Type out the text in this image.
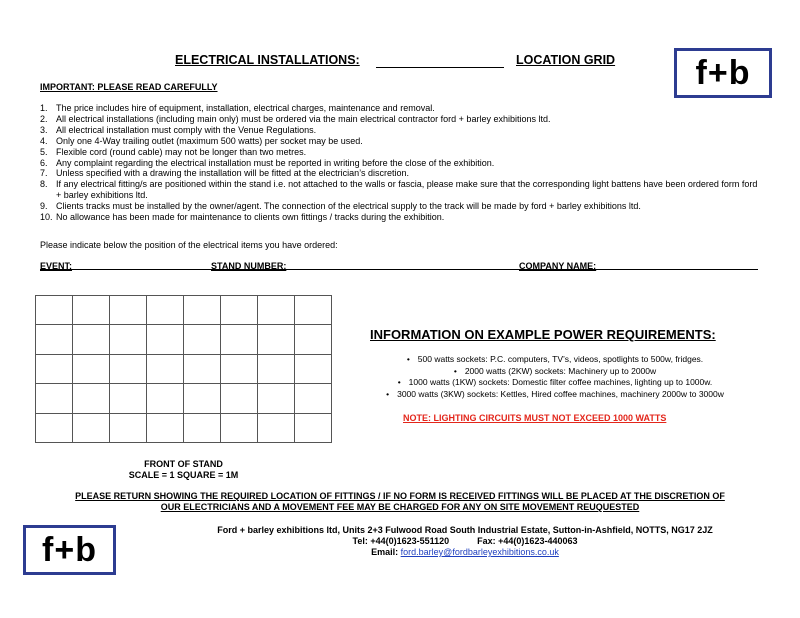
ELECTRICAL INSTALLATIONS:	LOCATION GRID	f+b
IMPORTANT: PLEASE READ CAREFULLY
1. The price includes hire of equipment, installation, electrical charges, maintenance and removal.
2. All electrical installations (including main only) must be ordered via the main electrical contractor ford + barley exhibitions ltd.
3. All electrical installation must comply with the Venue Regulations.
4. Only one 4-Way trailing outlet (maximum 500 watts) per socket may be used.
5. Flexible cord (round cable) may not be longer than two metres.
6. Any complaint regarding the electrical installation must be reported in writing before the close of the exhibition.
7. Unless specified with a drawing the installation will be fitted at the electrician’s discretion.
8. If any electrical fitting/s are positioned within the stand i.e. not attached to the walls or fascia, please make sure that the corresponding light battens have been ordered form ford + barley exhibitions ltd.
9. Clients tracks must be installed by the owner/agent. The connection of the electrical supply to the track will be made by ford + barley exhibitions ltd.
10. No allowance has been made for maintenance to clients own fittings / tracks during the exhibition.
Please indicate below the position of the electrical items you have ordered:
EVENT:	STAND NUMBER:	COMPANY NAME:

FRONT OF STAND
SCALE = 1 SQUARE = 1M
INFORMATION ON EXAMPLE POWER REQUIREMENTS:
• 500 watts sockets: P.C. computers, TV’s, videos, spotlights to 500w, fridges.
• 2000 watts (2KW) sockets: Machinery up to 2000w
• 1000 watts (1KW) sockets: Domestic filter coffee machines, lighting up to 1000w.
• 3000 watts (3KW) sockets: Kettles, Hired coffee machines, machinery 2000w to 3000w
NOTE: LIGHTING CIRCUITS MUST NOT EXCEED 1000 WATTS
PLEASE RETURN SHOWING THE REQUIRED LOCATION OF FITTINGS / IF NO FORM IS RECEIVED FITTINGS WILL BE PLACED AT THE DISCRETION OF
OUR ELECTRICIANS AND A MOVEMENT FEE MAY BE CHARGED FOR ANY ON SITE MOVEMENT REUQUESTED
f+b
Ford + barley exhibitions ltd, Units 2+3 Fulwood Road South Industrial Estate, Sutton-in-Ashfield, NOTTS, NG17 2JZ
Tel: +44(0)1623-551120	Fax: +44(0)1623-440063
Email: ford.barley@fordbarleyexhibitions.co.uk
